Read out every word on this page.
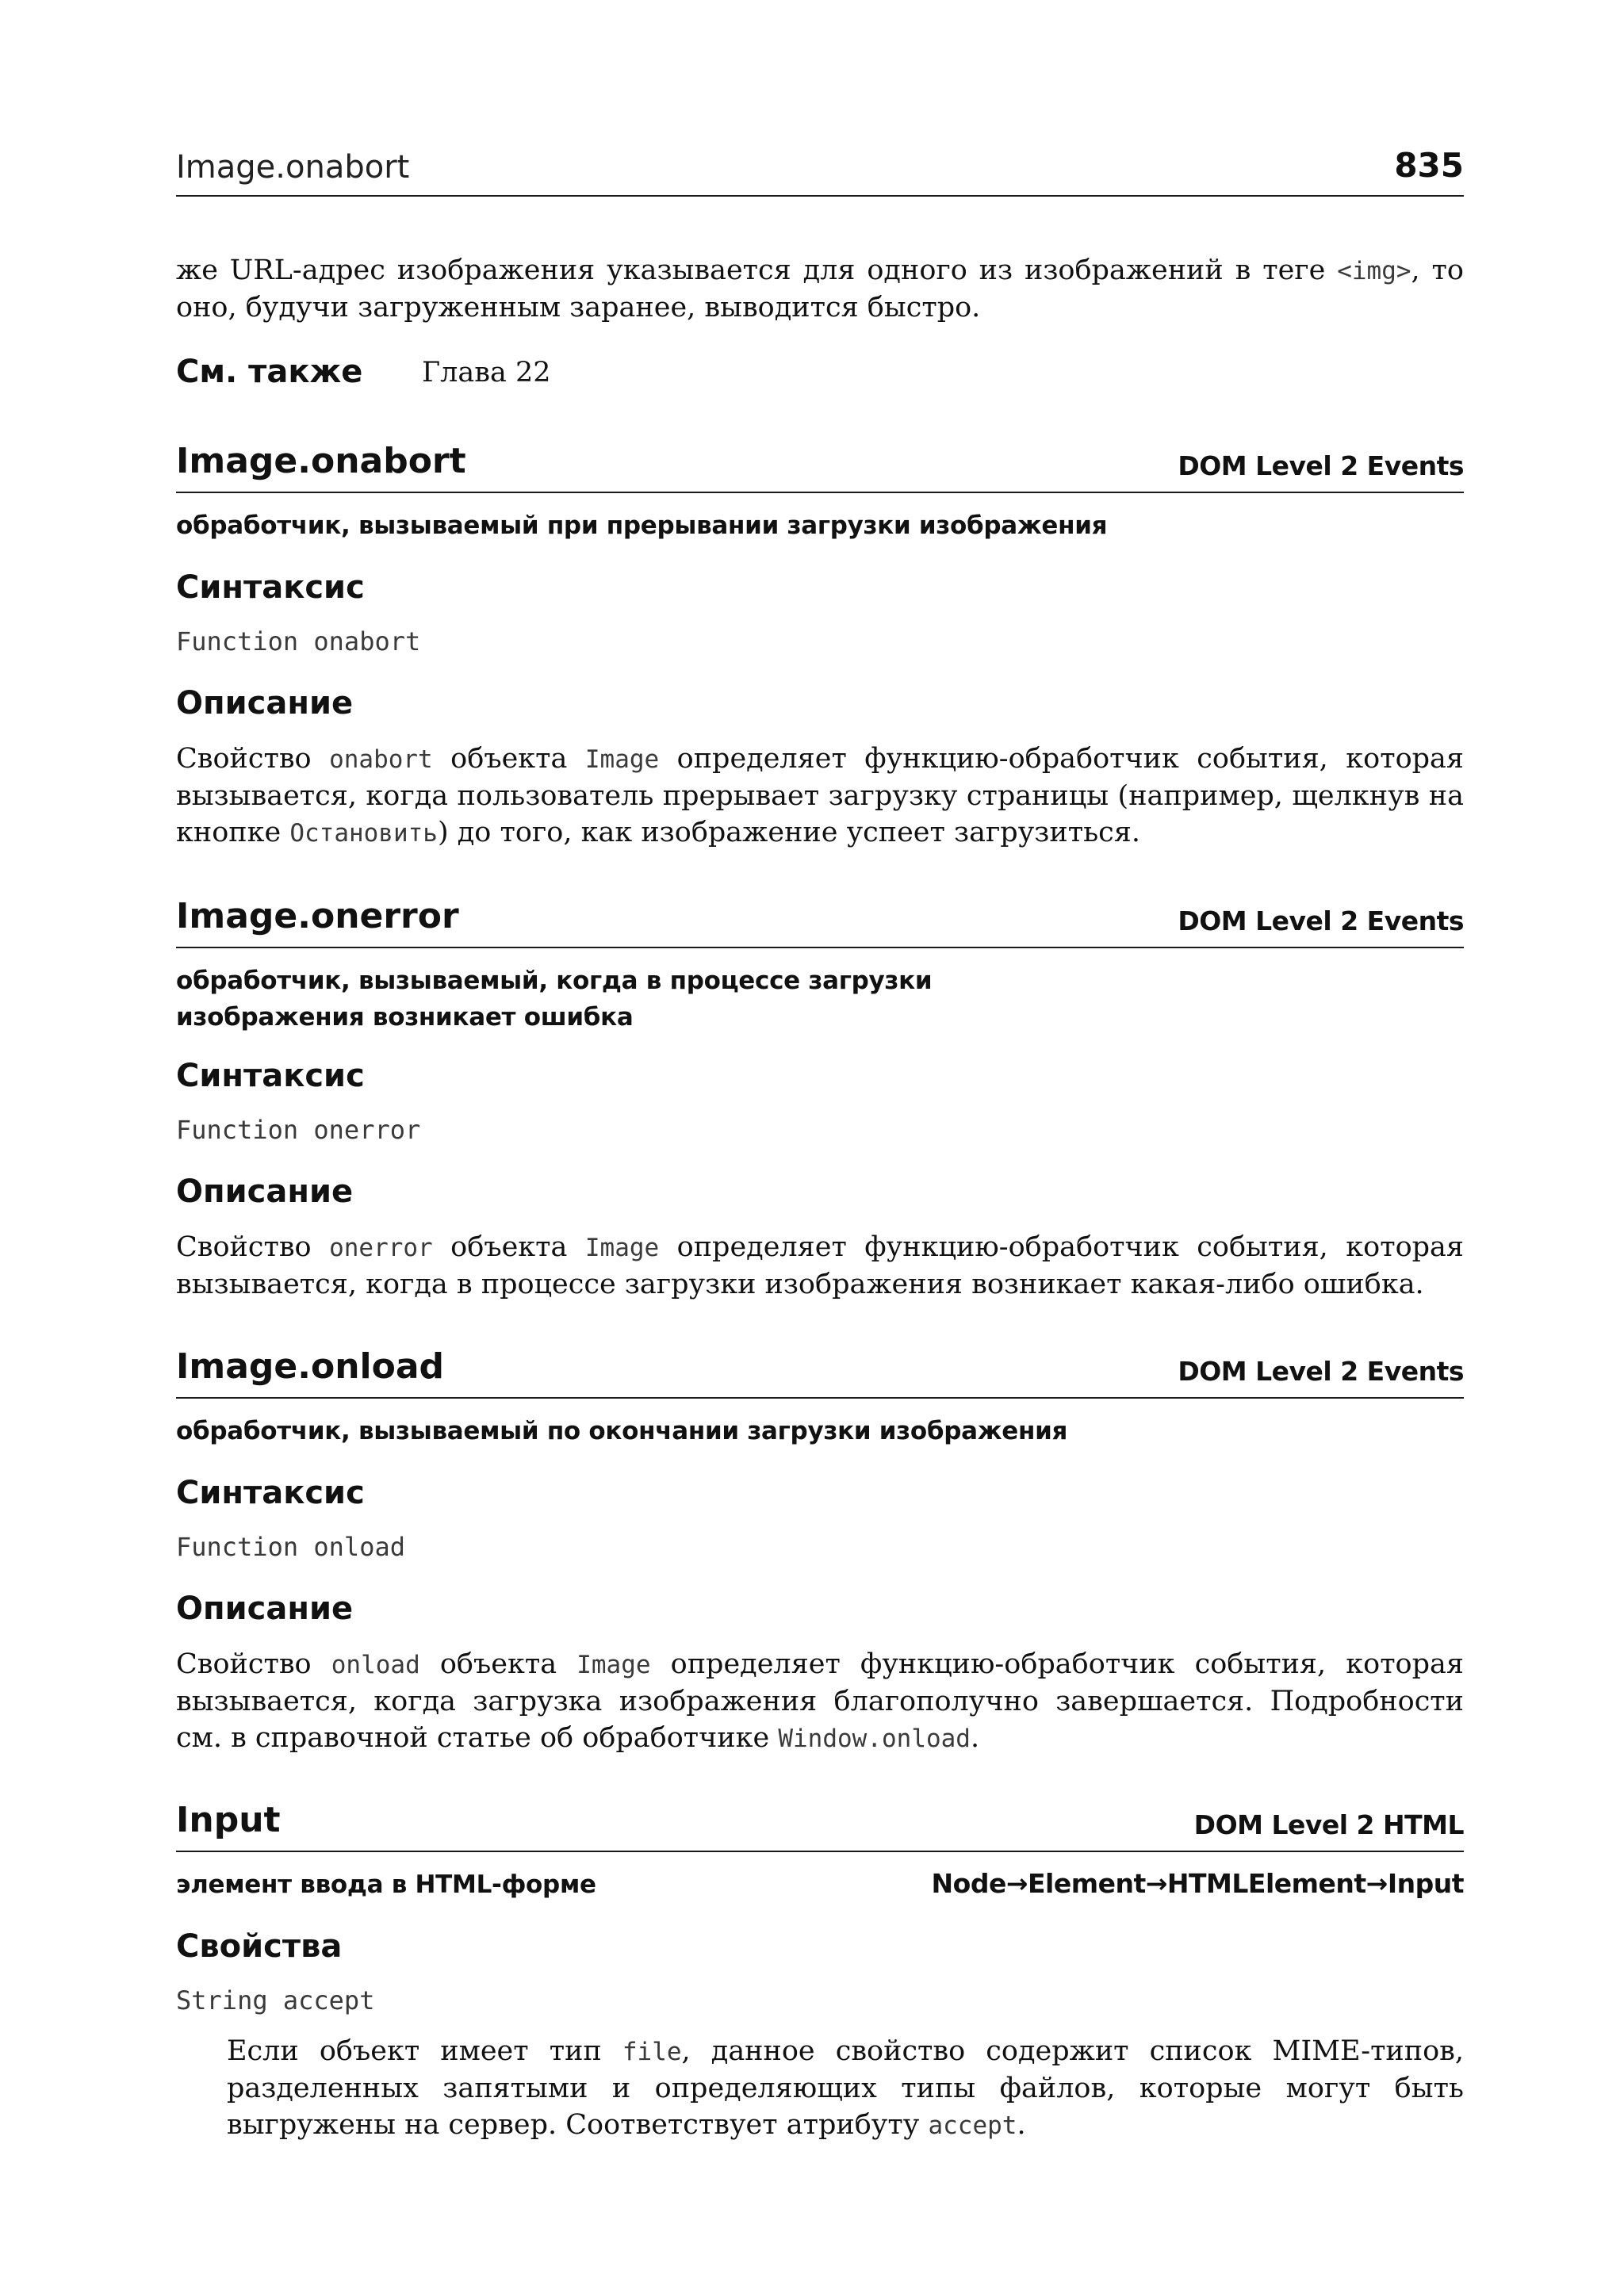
Image.onabort	835

же URL-адрес изображения указывается для одного из изображений в теге <img>, то оно, будучи загруженным заранее, выводится быстро.

См. также Глава 22
Image.onabort	DOM Level 2 Events
обработчик, вызываемый при прерывании загрузки изображения
Синтаксис
Function onabort
Описание

Свойство onabort объекта Image определяет функцию-обработчик события, которая вызывается, когда пользователь прерывает загрузку страницы (например, щелкнув на кнопке Остановить) до того, как изображение успеет загрузиться.

Image.onerror	DOM Level 2 Events
обработчик, вызываемый, когда в процессе загрузки
изображения возникает ошибка
Синтаксис
Function onerror
Описание

Свойство onerror объекта Image определяет функцию-обработчик события, которая вызывается, когда в процессе загрузки изображения возникает какая-либо ошибка.

Image.onload	DOM Level 2 Events
обработчик, вызываемый по окончании загрузки изображения
Синтаксис
Function onload
Описание

Свойство onload объекта Image определяет функцию-обработчик события, которая вызывается, когда загрузка изображения благополучно завершается. Подробности см. в справочной статье об обработчике Window.onload.

Input	DOM Level 2 HTML
элемент ввода в HTML-форме	Node→Element→HTMLElement→Input
Свойства
String accept

Если объект имеет тип file, данное свойство содержит список MIME-типов, разделенных запятыми и определяющих типы файлов, которые могут быть выгружены на сервер. Соответствует атрибуту accept.
